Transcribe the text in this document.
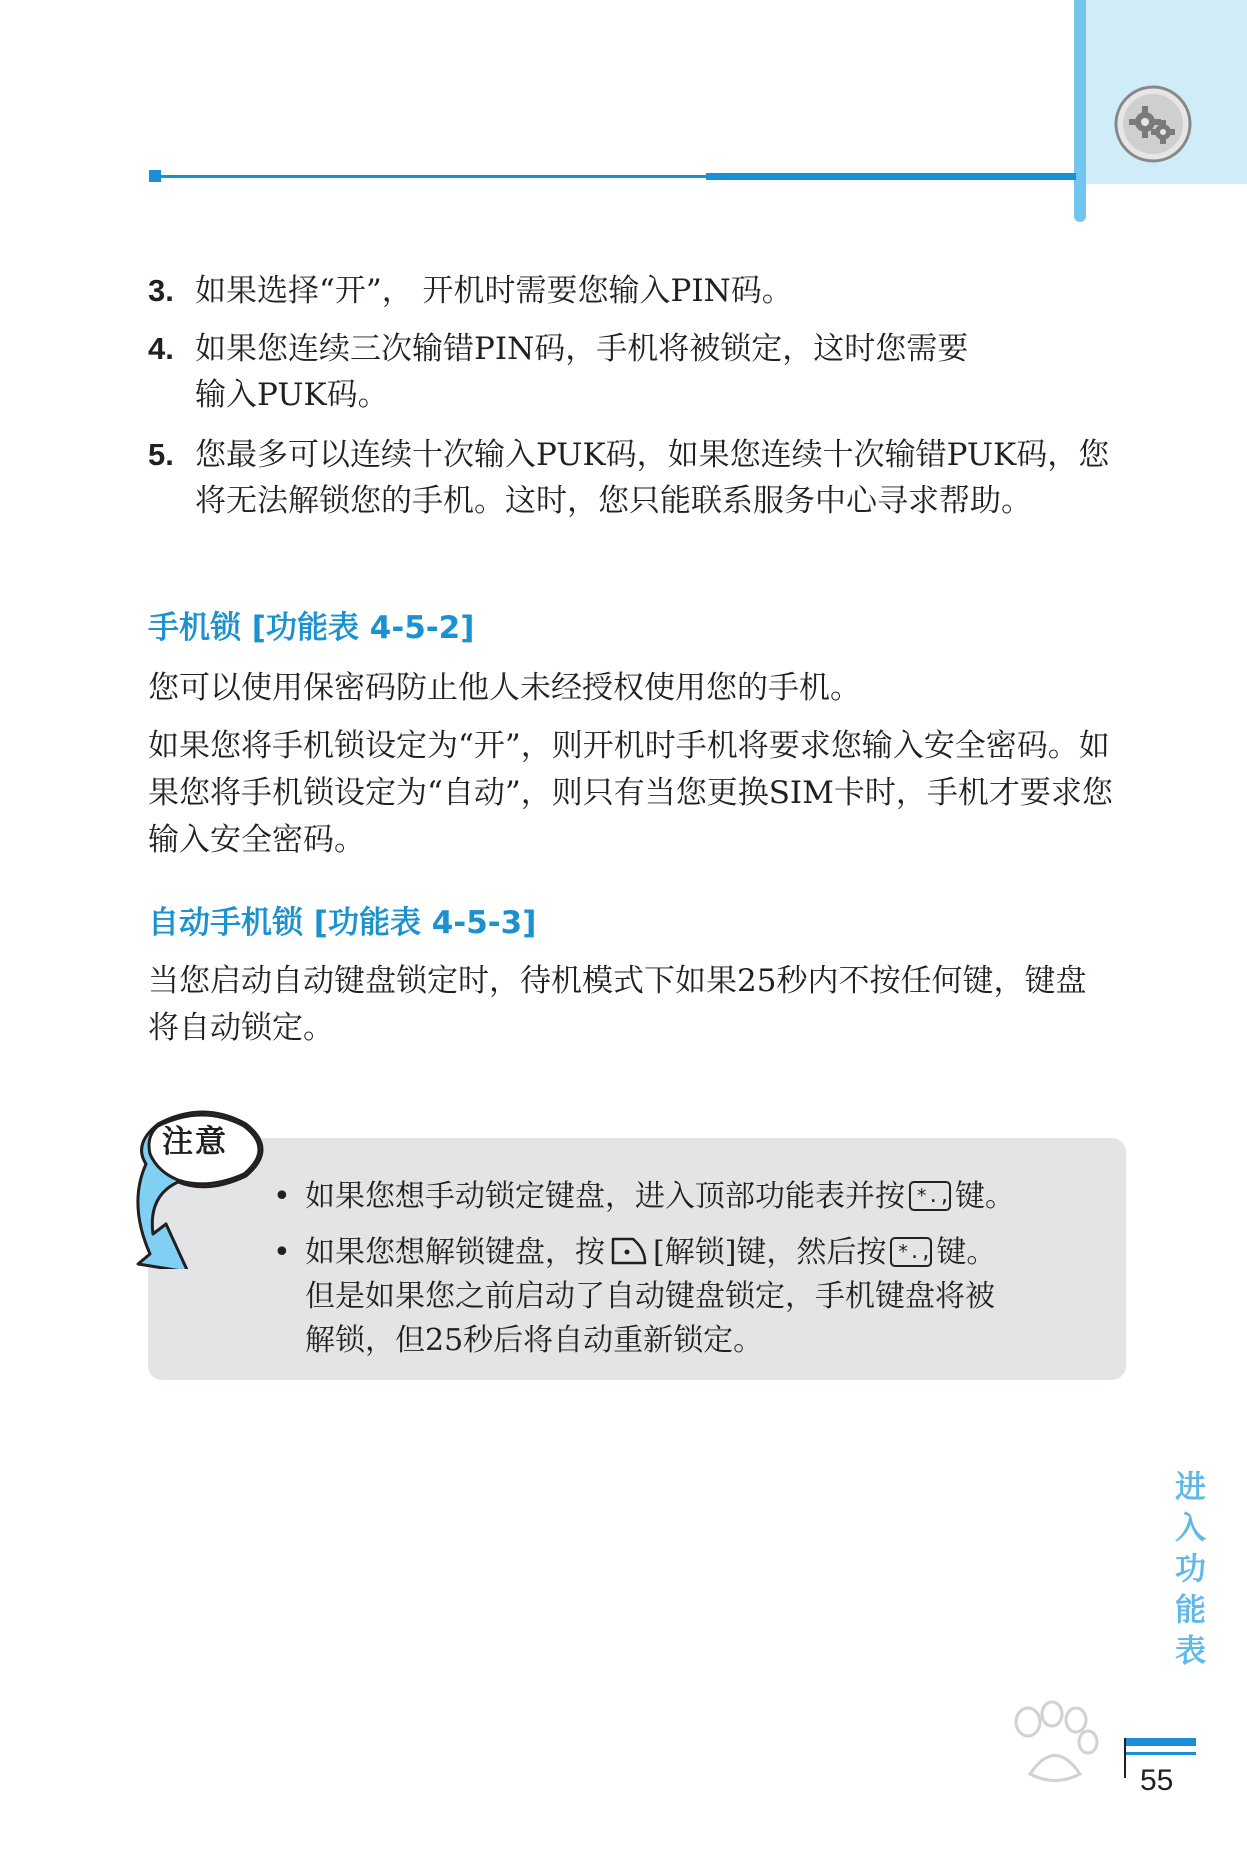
3. 如果选择“开”， 开机时需要您输入PIN码。
4. 如果您连续三次输错PIN码，手机将被锁定，这时您需要输入PUK码。
5. 您最多可以连续十次输入PUK码，如果您连续十次输错PUK码，您将无法解锁您的手机。这时，您只能联系服务中心寻求帮助。
手机锁 [功能表 4-5-2]
您可以使用保密码防止他人未经授权使用您的手机。
如果您将手机锁设定为“开”，则开机时手机将要求您输入安全密码。如果您将手机锁设定为“自动”，则只有当您更换SIM卡时，手机才要求您输入安全密码。
自动手机锁 [功能表 4-5-3]
当您启动自动键盘锁定时，待机模式下如果25秒内不按任何键，键盘将自动锁定。
注意
• 如果您想手动锁定键盘，进入顶部功能表并按 *., 键。
• 如果您想解锁键盘，按 [解锁]键，然后按 *., 键。
但是如果您之前启动了自动键盘锁定，手机键盘将被
解锁，但25秒后将自动重新锁定。
进入功能表
55
